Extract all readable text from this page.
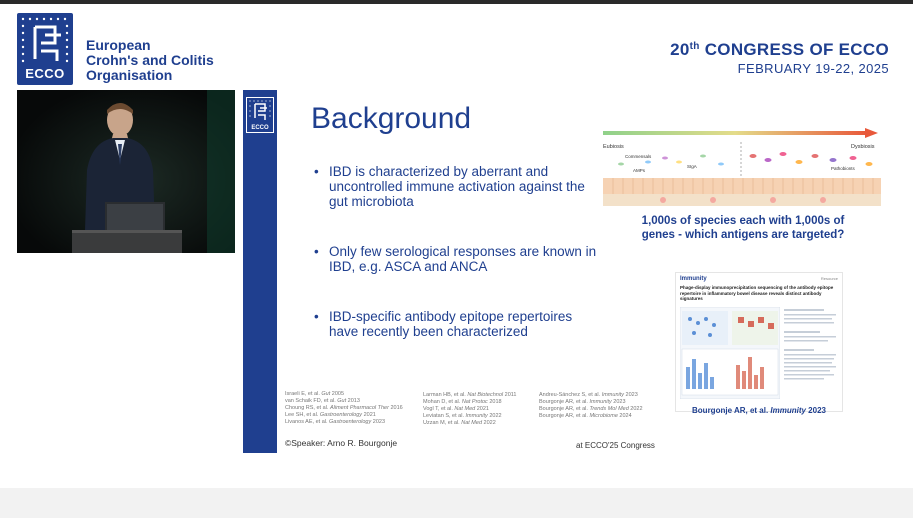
ECCO
European
Crohn's and Colitis
Organisation
20th CONGRESS OF ECCO
FEBRUARY 19-22, 2025
ECCO Background
• IBD is characterized by aberrant and uncontrolled immune activation against the gut microbiota
• Only few serological responses are known in IBD, e.g. ASCA and ANCA
• IBD-specific antibody epitope repertoires have recently been characterized
Eubiosis	Dysbiosis
Commensals
AMPs
SIgA	Pathobionts
1,000s of species each with 1,000s of genes - which antigens are targeted?
Immunity	Resource
Phage-display immunoprecipitation sequencing of the antibody epitope repertoire in inflammatory bowel disease reveals distinct antibody signatures
Bourgonje AR, et al. Immunity 2023
Israeli E, et al. Gut 2005
van Schaik FD, et al. Gut 2013
Choung RS, et al. Aliment Pharmacol Ther 2016
Lee SH, et al. Gastroenterology 2021
Livanos AE, et al. Gastroenterology 2023
Larman HB, et al. Nat Biotechnol 2011
Mohan D, et al. Nat Protoc 2018
Vogl T, et al. Nat Med 2021
Leviatan S, et al. Immunity 2022
Uzzan M, et al. Nat Med 2022
Andreu-Sánchez S, et al. Immunity 2023
Bourgonje AR, et al. Immunity 2023
Bourgonje AR, et al. Trends Mol Med 2022
Bourgonje AR, et al. Microbiome 2024
©Speaker: Arno R. Bourgonje	at ECCO'25 Congress
